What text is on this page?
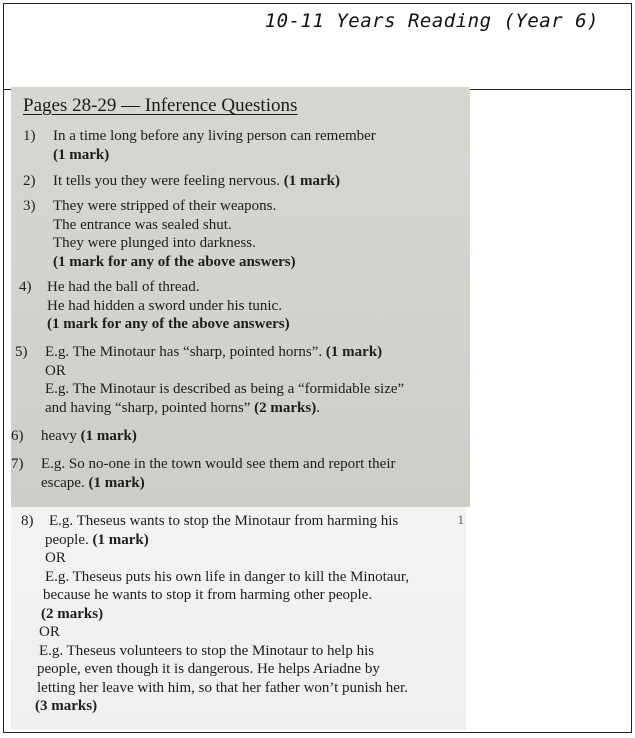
10-11 Years Reading (Year 6)
Pages 28-29 — Inference Questions
1) In a time long before any living person can remember
(1 mark)
2) It tells you they were feeling nervous. (1 mark)
3) They were stripped of their weapons.
The entrance was sealed shut.
They were plunged into darkness.
(1 mark for any of the above answers)
4) He had the ball of thread.
He had hidden a sword under his tunic.
(1 mark for any of the above answers)
5) E.g. The Minotaur has “sharp, pointed horns”. (1 mark)
OR
E.g. The Minotaur is described as being a “formidable size”
and having “sharp, pointed horns” (2 marks).
6) heavy (1 mark)
7) E.g. So no-one in the town would see them and report their
escape. (1 mark)
1
8) E.g. Theseus wants to stop the Minotaur from harming his
people. (1 mark)
OR
E.g. Theseus puts his own life in danger to kill the Minotaur,
because he wants to stop it from harming other people.
(2 marks)
OR
E.g. Theseus volunteers to stop the Minotaur to help his
people, even though it is dangerous. He helps Ariadne by
letting her leave with him, so that her father won’t punish her.
(3 marks)
